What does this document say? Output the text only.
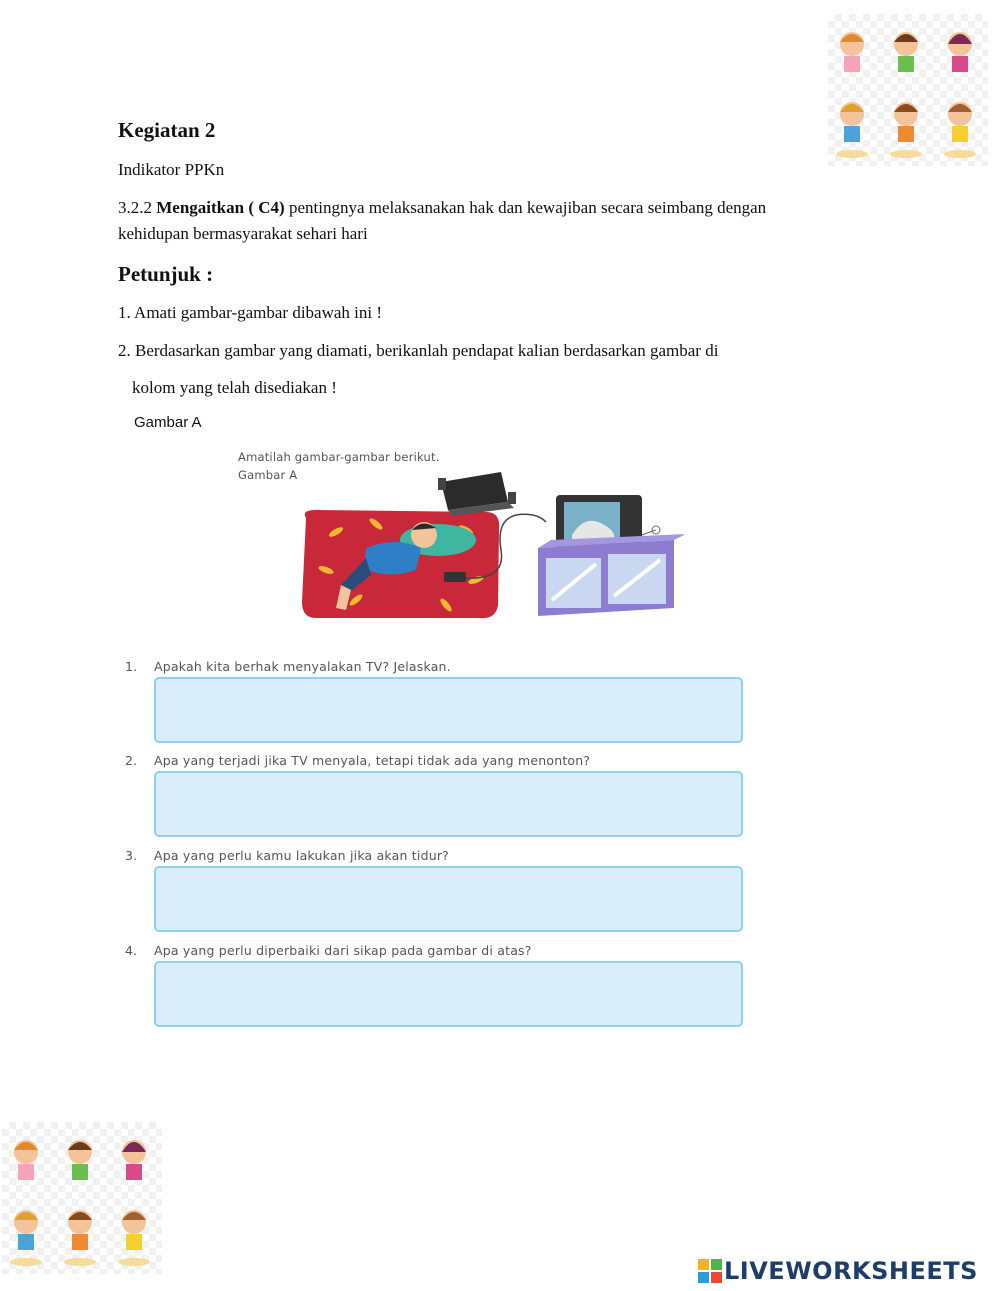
Kegiatan 2
Indikator PPKn
3.2.2 Mengaitkan ( C4) pentingnya melaksanakan hak dan kewajiban secara seimbang dengan
kehidupan bermasyarakat sehari hari
Petunjuk :
1. Amati gambar-gambar dibawah ini !
2. Berdasarkan gambar yang diamati, berikanlah pendapat kalian berdasarkan gambar di
kolom yang telah disediakan !
Gambar A
Amatilah gambar-gambar berikut.
Gambar A
1. Apakah kita berhak menyalakan TV? Jelaskan.
2. Apa yang terjadi jika TV menyala, tetapi tidak ada yang menonton?
3. Apa yang perlu kamu lakukan jika akan tidur?
4. Apa yang perlu diperbaiki dari sikap pada gambar di atas?
LIVEWORKSHEETS
